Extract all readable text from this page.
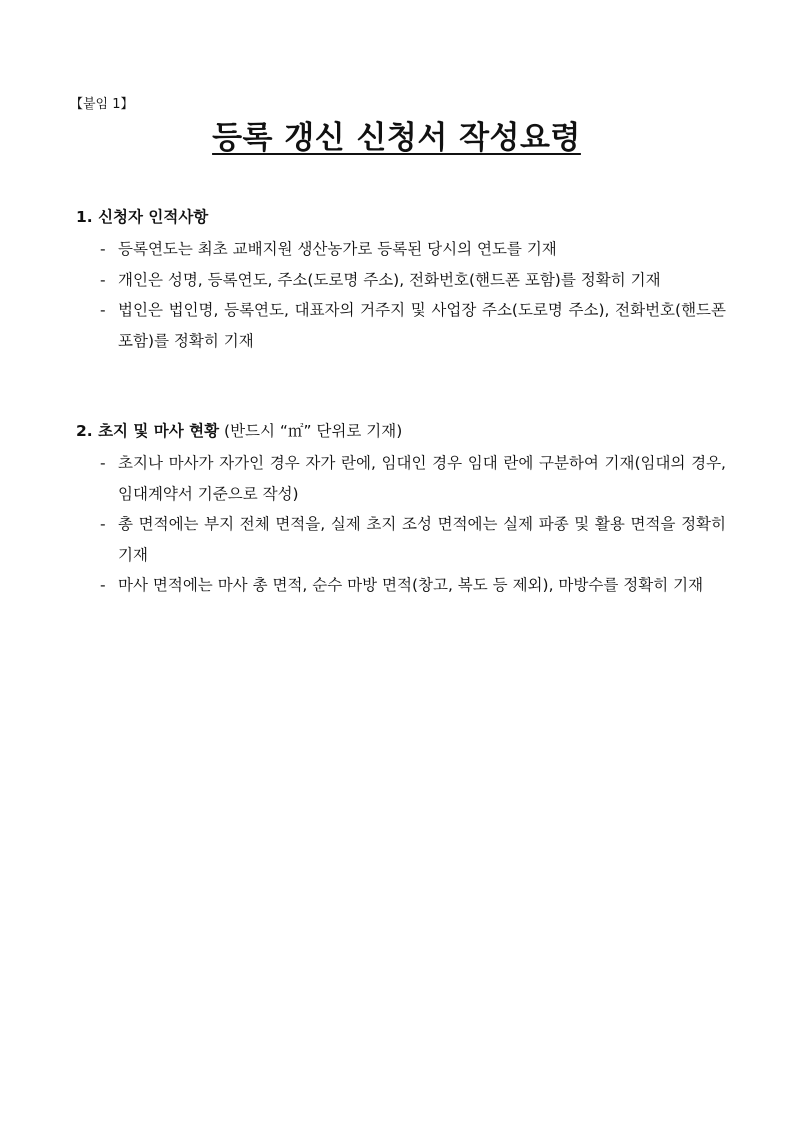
【붙임 1】
등록 갱신 신청서 작성요령
1. 신청자 인적사항
- 등록연도는 최초 교배지원 생산농가로 등록된 당시의 연도를 기재
- 개인은 성명, 등록연도, 주소(도로명 주소), 전화번호(핸드폰 포함)를 정확히 기재
- 법인은 법인명, 등록연도, 대표자의 거주지 및 사업장 주소(도로명 주소), 전화번호(핸드폰 포함)를 정확히 기재
2. 초지 및 마사 현황 (반드시 “㎡” 단위로 기재)
- 초지나 마사가 자가인 경우 자가 란에, 임대인 경우 임대 란에 구분하여 기재(임대의 경우, 임대계약서 기준으로 작성)
- 총 면적에는 부지 전체 면적을, 실제 초지 조성 면적에는 실제 파종 및 활용 면적을 정확히 기재
- 마사 면적에는 마사 총 면적, 순수 마방 면적(창고, 복도 등 제외), 마방수를 정확히 기재
